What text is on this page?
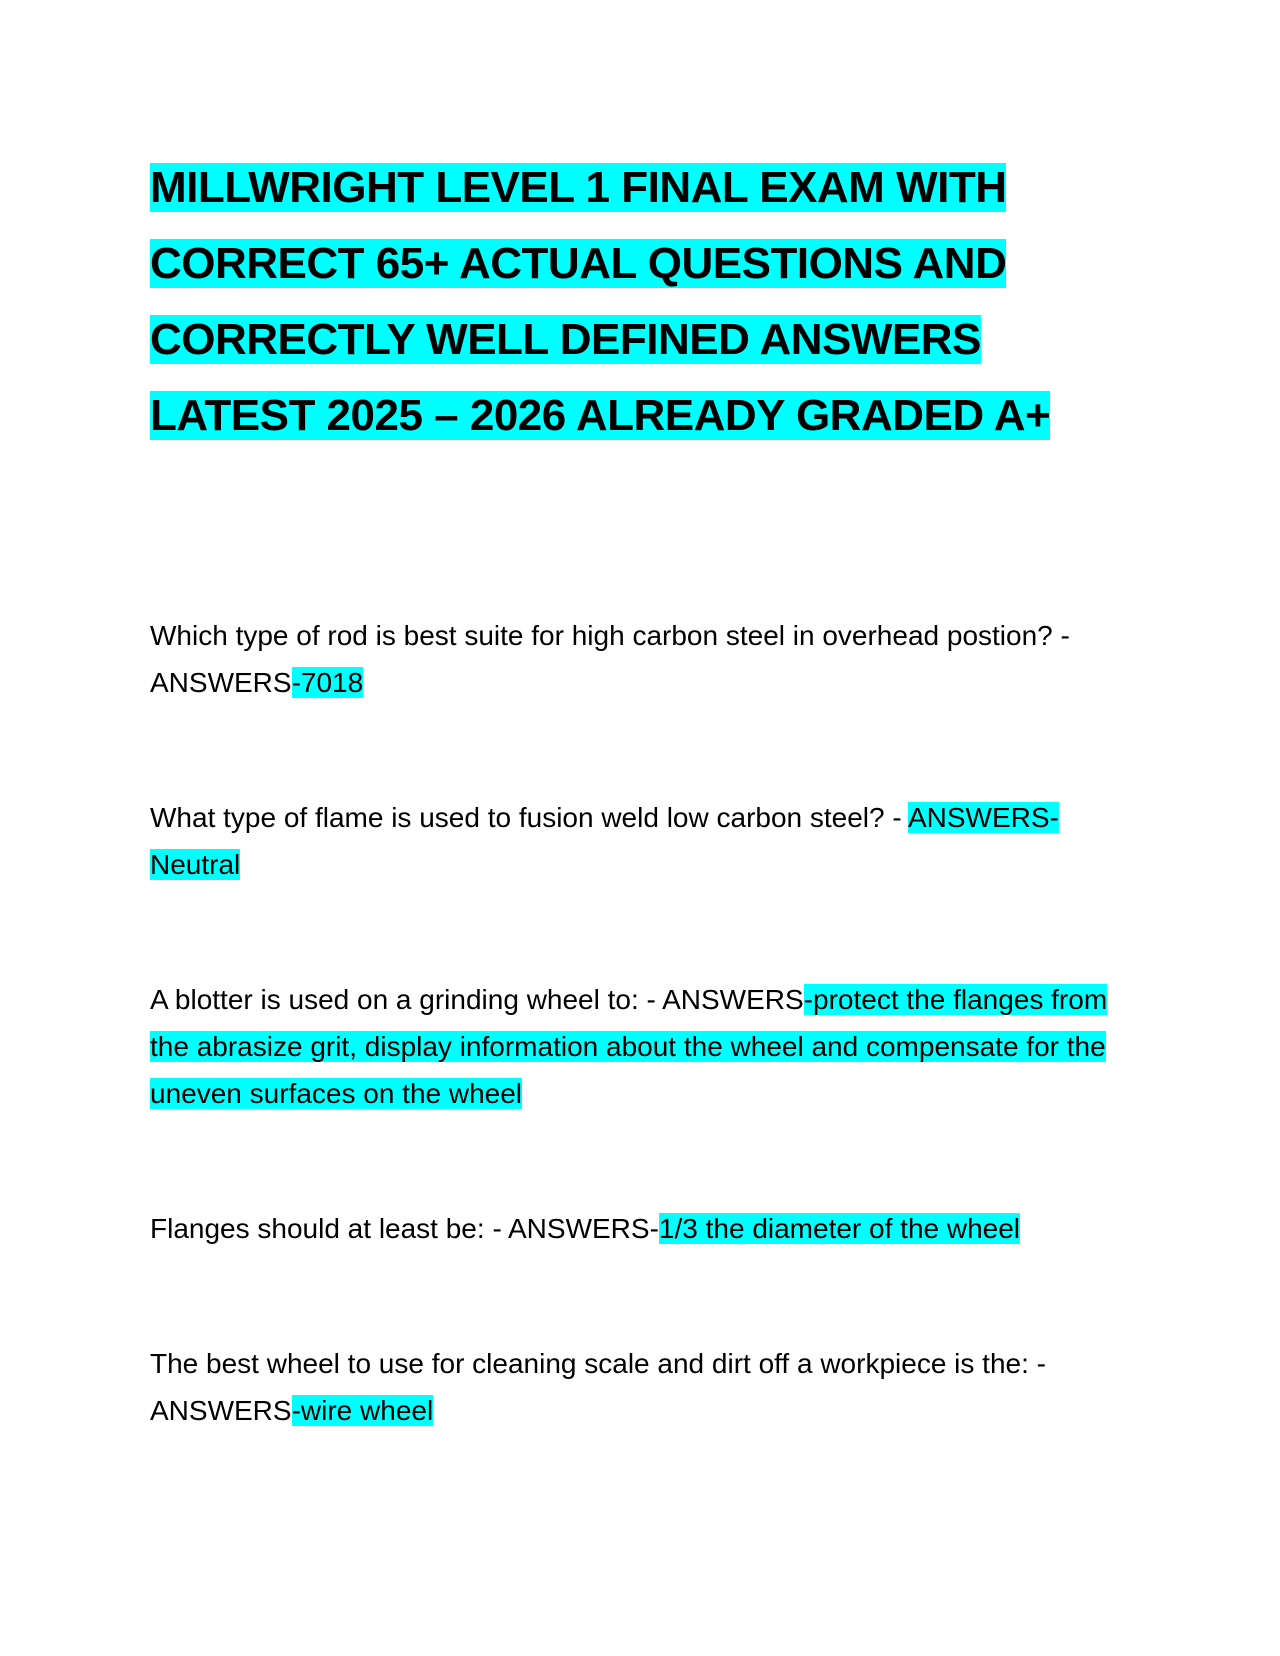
MILLWRIGHT LEVEL 1 FINAL EXAM WITH
CORRECT 65+ ACTUAL QUESTIONS AND
CORRECTLY WELL DEFINED ANSWERS
LATEST 2025 – 2026 ALREADY GRADED A+

Which type of rod is best suite for high carbon steel in overhead postion? - ANSWERS-7018

What type of flame is used to fusion weld low carbon steel? - ANSWERS-Neutral

A blotter is used on a grinding wheel to: - ANSWERS-protect the flanges from the abrasize grit, display information about the wheel and compensate for the uneven surfaces on the wheel

Flanges should at least be: - ANSWERS-1/3 the diameter of the wheel

The best wheel to use for cleaning scale and dirt off a workpiece is the: - ANSWERS-wire wheel
